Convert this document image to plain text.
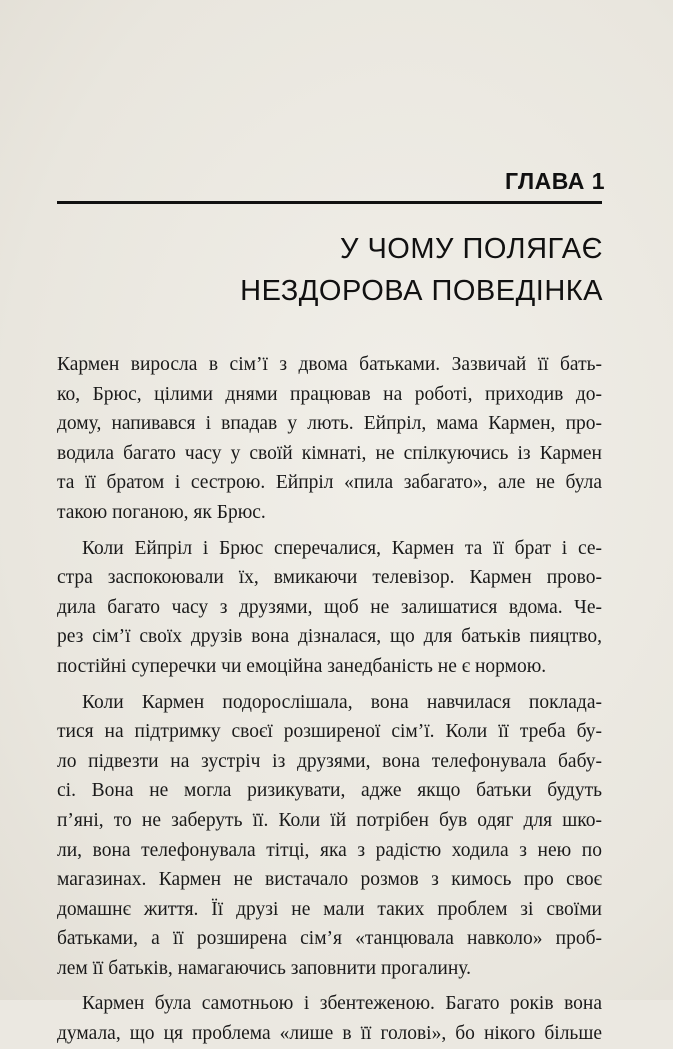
ГЛАВА 1
У ЧОМУ ПОЛЯГАЄ
НЕЗДОРОВА ПОВЕДІНКА
Кармен виросла в сім’ї з двома батьками. Зазвичай її бать-
ко, Брюс, цілими днями працював на роботі, приходив до-
дому, напивався і впадав у лють. Ейпріл, мама Кармен, про-
водила багато часу у своїй кімнаті, не спілкуючись із Кармен
та її братом і сестрою. Ейпріл «пила забагато», але не була
такою поганою, як Брюс.
Коли Ейпріл і Брюс сперечалися, Кармен та її брат і се-
стра заспокоювали їх, вмикаючи телевізор. Кармен прово-
дила багато часу з друзями, щоб не залишатися вдома. Че-
рез сім’ї своїх друзів вона дізналася, що для батьків пияцтво,
постійні суперечки чи емоційна занедбаність не є нормою.
Коли Кармен подорослішала, вона навчилася поклада-
тися на підтримку своєї розширеної сім’ї. Коли її треба бу-
ло підвезти на зустріч із друзями, вона телефонувала бабу-
сі. Вона не могла ризикувати, адже якщо батьки будуть
п’яні, то не заберуть її. Коли їй потрібен був одяг для шко-
ли, вона телефонувала тітці, яка з радістю ходила з нею по
магазинах. Кармен не вистачало розмов з кимось про своє
домашнє життя. Її друзі не мали таких проблем зі своїми
батьками, а її розширена сім’я «танцювала навколо» проб-
лем її батьків, намагаючись заповнити прогалину.
Кармен була самотньою і збентеженою. Багато років вона
думала, що ця проблема «лише в її голові», бо нікого більше
